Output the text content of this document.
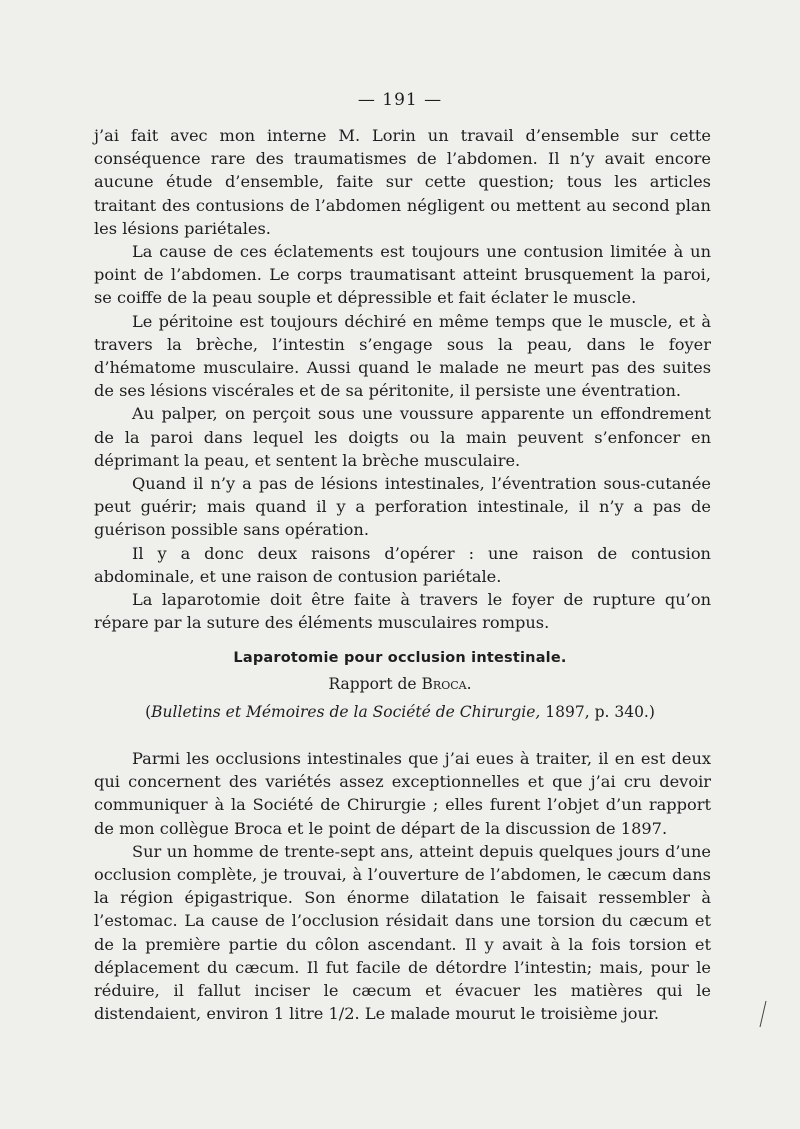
— 191 —

j’ai fait avec mon interne M. Lorin un travail d’ensemble sur cette conséquence rare des traumatismes de l’abdomen. Il n’y avait encore aucune étude d’ensemble, faite sur cette question; tous les articles traitant des contusions de l’abdomen négligent ou mettent au second plan les lésions pariétales.

La cause de ces éclatements est toujours une contusion limitée à un point de l’abdomen. Le corps traumatisant atteint brusquement la paroi, se coiffe de la peau souple et dépressible et fait éclater le muscle.

Le péritoine est toujours déchiré en même temps que le muscle, et à travers la brèche, l’intestin s’engage sous la peau, dans le foyer d’hématome musculaire. Aussi quand le malade ne meurt pas des suites de ses lésions viscérales et de sa péritonite, il persiste une éventration.

Au palper, on perçoit sous une voussure apparente un effondrement de la paroi dans lequel les doigts ou la main peuvent s’enfoncer en déprimant la peau, et sentent la brèche musculaire.

Quand il n’y a pas de lésions intestinales, l’éventration sous-cutanée peut guérir; mais quand il y a perforation intestinale, il n’y a pas de guérison possible sans opération.

Il y a donc deux raisons d’opérer : une raison de contusion abdominale, et une raison de contusion pariétale.

La laparotomie doit être faite à travers le foyer de rupture qu’on répare par la suture des éléments musculaires rompus.

Laparotomie pour occlusion intestinale.
Rapport de Broca.
(Bulletins et Mémoires de la Société de Chirurgie, 1897, p. 340.)

Parmi les occlusions intestinales que j’ai eues à traiter, il en est deux qui concernent des variétés assez exceptionnelles et que j’ai cru devoir communiquer à la Société de Chirurgie ; elles furent l’objet d’un rapport de mon collègue Broca et le point de départ de la discussion de 1897.

Sur un homme de trente-sept ans, atteint depuis quelques jours d’une occlusion complète, je trouvai, à l’ouverture de l’abdomen, le cæcum dans la région épigastrique. Son énorme dilatation le faisait ressembler à l’estomac. La cause de l’occlusion résidait dans une torsion du cæcum et de la première partie du côlon ascendant. Il y avait à la fois torsion et déplacement du cæcum. Il fut facile de détordre l’intestin; mais, pour le réduire, il fallut inciser le cæcum et évacuer les matières qui le distendaient, environ 1 litre 1/2. Le malade mourut le troisième jour.
